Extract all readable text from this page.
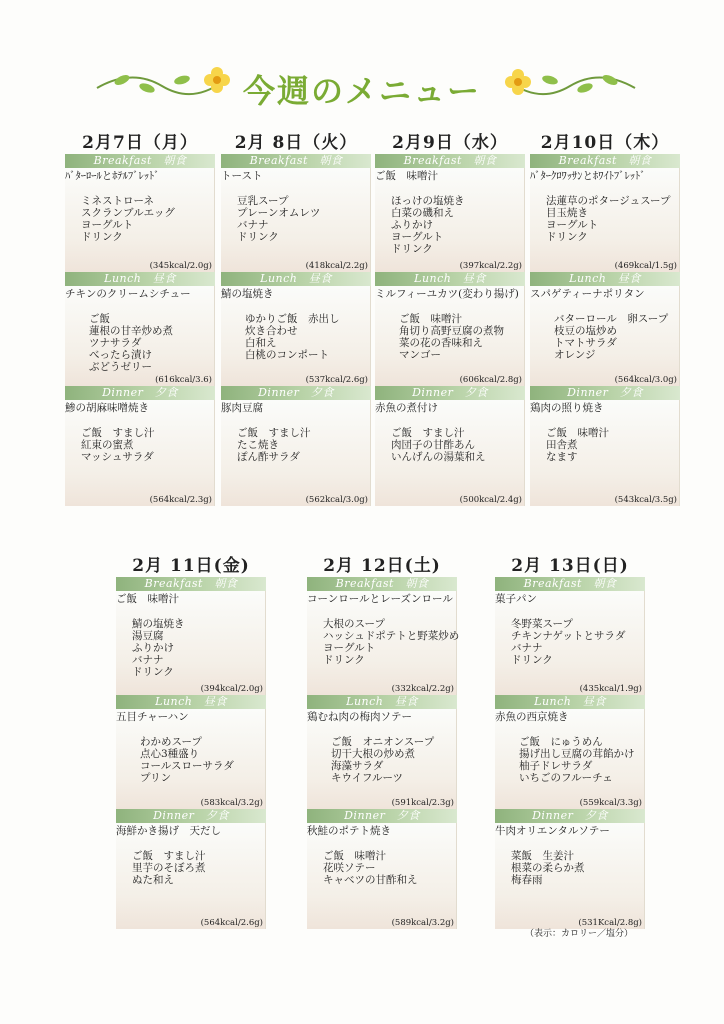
今週のメニュー
2月7日（月）
Breakfast　朝食
ﾊﾞﾀｰﾛｰﾙとﾎﾃﾙﾌﾞﾚｯﾄﾞ
ミネストローネ
スクランブルエッグ
ヨーグルト
ドリンク
(345kcal/2.0g)
Lunch　昼食
チキンのクリームシチュー
ご飯
蓮根の甘辛炒め煮
ツナサラダ
べったら漬け
ぶどうゼリー
(616kcal/3.6)
Dinner　夕食
鯵の胡麻味噌焼き
ご飯　すまし汁
紅東の蜜煮
マッシュサラダ
(564kcal/2.3g)
2月 8日（火）
Breakfast　朝食
トースト
豆乳スープ
プレーンオムレツ
バナナ
ドリンク
(418kcal/2.2g)
Lunch　昼食
鯖の塩焼き
ゆかりご飯　赤出し
炊き合わせ
白和え
白桃のコンポート
(537kcal/2.6g)
Dinner　夕食
豚肉豆腐
ご飯　すまし汁
たこ焼き
ぽん酢サラダ
(562kcal/3.0g)
2月9日（水）
Breakfast　朝食
ご飯　味噌汁
ほっけの塩焼き
白菜の磯和え
ふりかけ
ヨーグルト
ドリンク
(397kcal/2.2g)
Lunch　昼食
ミルフィーユカツ(変わり揚げ)
ご飯　味噌汁
角切り高野豆腐の煮物
菜の花の香味和え
マンゴー
(606kcal/2.8g)
Dinner　夕食
赤魚の煮付け
ご飯　すまし汁
肉団子の甘酢あん
いんげんの湯葉和え
(500kcal/2.4g)
2月10日（木）
Breakfast　朝食
ﾊﾞﾀｰｸﾛﾜｯｻﾝとﾎﾜｲﾄﾌﾞﾚｯﾄﾞ
法蓮草のポタージュスープ
目玉焼き
ヨーグルト
ドリンク
(469kcal/1.5g)
Lunch　昼食
スパゲティーナポリタン
バターロール　卵スープ
枝豆の塩炒め
トマトサラダ
オレンジ
(564kcal/3.0g)
Dinner　夕食
鶏肉の照り焼き
ご飯　味噌汁
田舎煮
なます
(543kcal/3.5g)
2月 11日(金)
Breakfast　朝食
ご飯　味噌汁
鯖の塩焼き
湯豆腐
ふりかけ
バナナ
ドリンク
(394kcal/2.0g)
Lunch　昼食
五目チャーハン
わかめスープ
点心3種盛り
コールスローサラダ
プリン
(583kcal/3.2g)
Dinner　夕食
海鮮かき揚げ　天だし
ご飯　すまし汁
里芋のそぼろ煮
ぬた和え
(564kcal/2.6g)
2月 12日(土)
Breakfast　朝食
コーンロールとレーズンロール
大根のスープ
ハッシュドポテトと野菜炒め
ヨーグルト
ドリンク
(332kcal/2.2g)
Lunch　昼食
鶏むね肉の梅肉ソテー
ご飯　オニオンスープ
切干大根の炒め煮
海藻サラダ
キウイフルーツ
(591kcal/2.3g)
Dinner　夕食
秋鮭のポテト焼き
ご飯　味噌汁
花咲ソテー
キャベツの甘酢和え
(589kcal/3.2g)
2月 13日(日)
Breakfast　朝食
菓子パン
冬野菜スープ
チキンナゲットとサラダ
バナナ
ドリンク
(435kcal/1.9g)
Lunch　昼食
赤魚の西京焼き
ご飯　にゅうめん
揚げ出し豆腐の茸餡かけ
柚子ドレサラダ
いちごのフルーチェ
(559kcal/3.3g)
Dinner　夕食
牛肉オリエンタルソテー
菜飯　生姜汁
根菜の柔らか煮
梅春雨
(531Kcal/2.8g)
（表示：カロリー／塩分）
